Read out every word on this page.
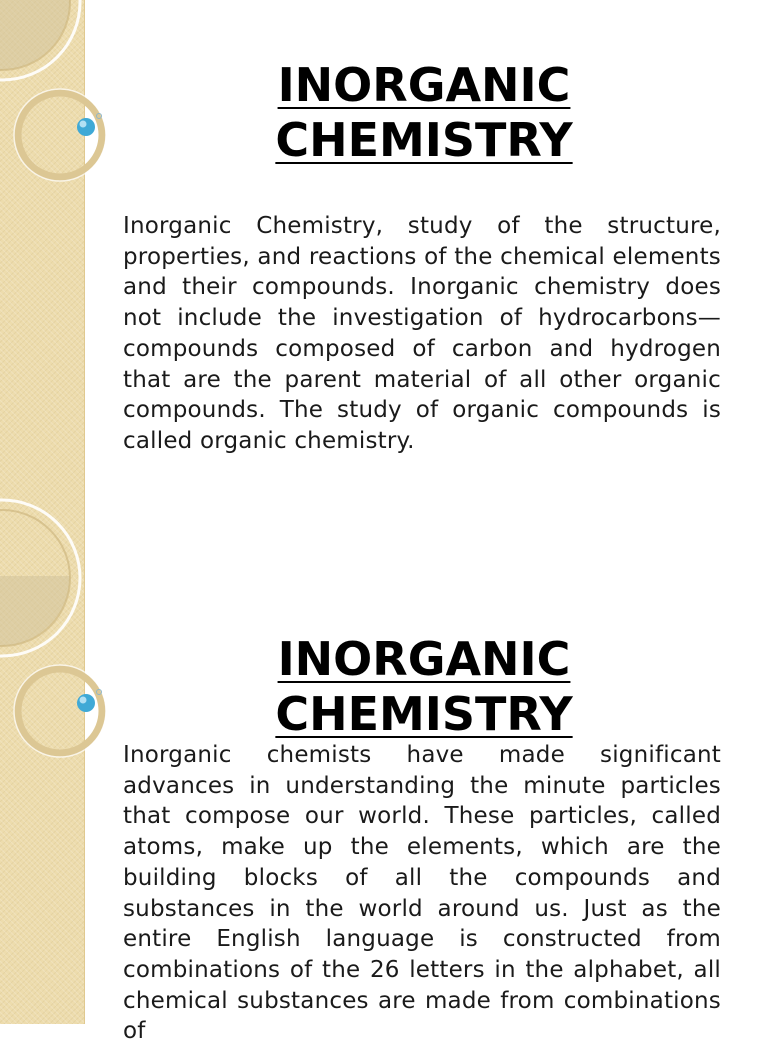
INORGANIC CHEMISTRY

Inorganic Chemistry, study of the structure, properties, and reactions of the chemical elements and their compounds. Inorganic chemistry does not include the investigation of hydrocarbons—compounds composed of carbon and hydrogen that are the parent material of all other organic compounds. The study of organic compounds is called organic chemistry.

INORGANIC CHEMISTRY

Inorganic chemists have made significant advances in understanding the minute particles that compose our world. These particles, called atoms, make up the elements, which are the building blocks of all the compounds and substances in the world around us. Just as the entire English language is constructed from combinations of the 26 letters in the alphabet, all chemical substances are made from combinations of
